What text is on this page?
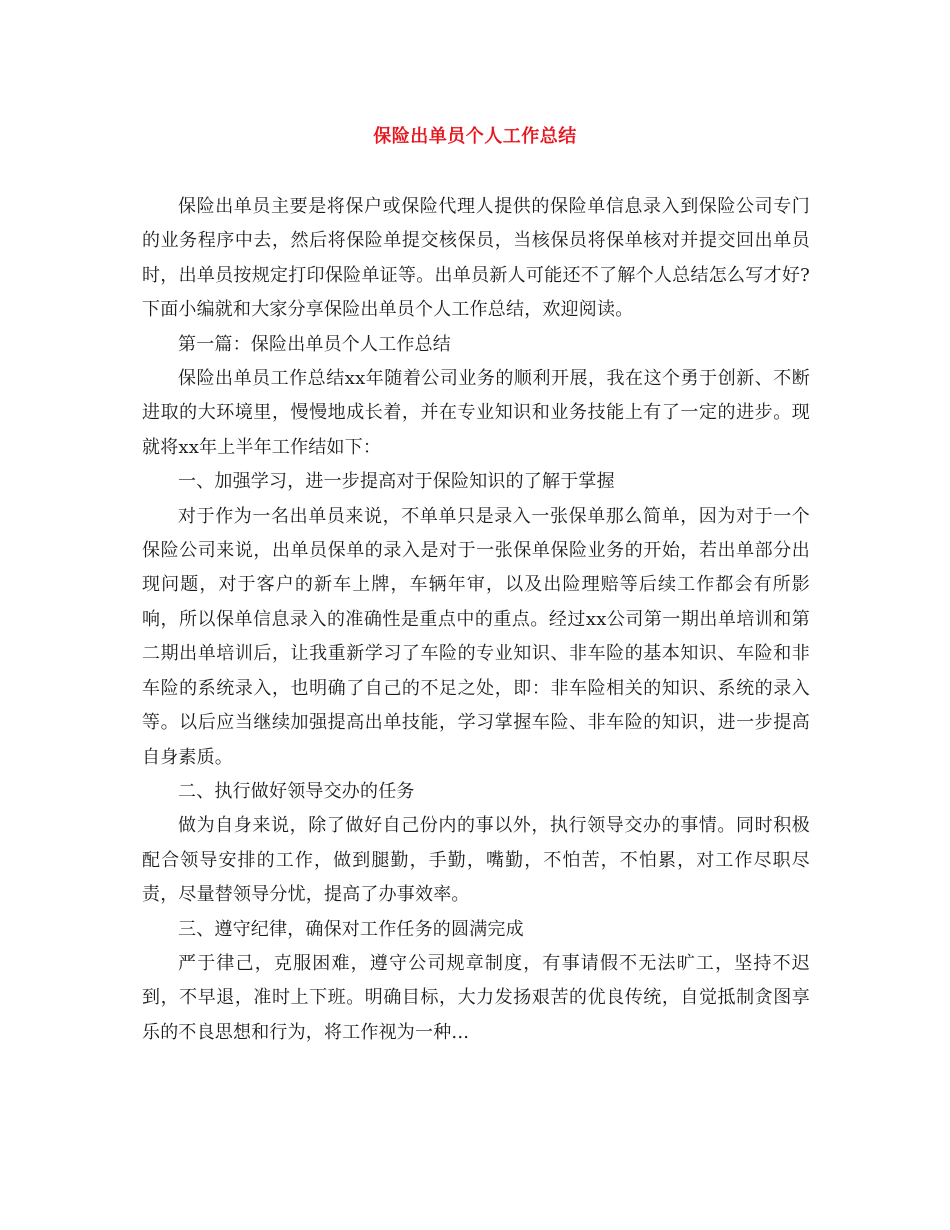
保险出单员个人工作总结

保险出单员主要是将保户或保险代理人提供的保险单信息录入到保险公司专门的业务程序中去，然后将保险单提交核保员，当核保员将保单核对并提交回出单员时，出单员按规定打印保险单证等。出单员新人可能还不了解个人总结怎么写才好?下面小编就和大家分享保险出单员个人工作总结，欢迎阅读。

第一篇：保险出单员个人工作总结

保险出单员工作总结xx年随着公司业务的顺利开展，我在这个勇于创新、不断进取的大环境里，慢慢地成长着，并在专业知识和业务技能上有了一定的进步。现就将xx年上半年工作结如下：

一、加强学习，进一步提高对于保险知识的了解于掌握

对于作为一名出单员来说，不单单只是录入一张保单那么简单，因为对于一个保险公司来说，出单员保单的录入是对于一张保单保险业务的开始，若出单部分出现问题，对于客户的新车上牌，车辆年审，以及出险理赔等后续工作都会有所影响，所以保单信息录入的准确性是重点中的重点。经过xx公司第一期出单培训和第二期出单培训后，让我重新学习了车险的专业知识、非车险的基本知识、车险和非车险的系统录入，也明确了自己的不足之处，即：非车险相关的知识、系统的录入等。以后应当继续加强提高出单技能，学习掌握车险、非车险的知识，进一步提高自身素质。

二、执行做好领导交办的任务

做为自身来说，除了做好自己份内的事以外，执行领导交办的事情。同时积极配合领导安排的工作，做到腿勤，手勤，嘴勤，不怕苦，不怕累，对工作尽职尽责，尽量替领导分忧，提高了办事效率。

三、遵守纪律，确保对工作任务的圆满完成

严于律己，克服困难，遵守公司规章制度，有事请假不无法旷工，坚持不迟到，不早退，准时上下班。明确目标，大力发扬艰苦的优良传统，自觉抵制贪图享乐的不良思想和行为，将工作视为一种...
